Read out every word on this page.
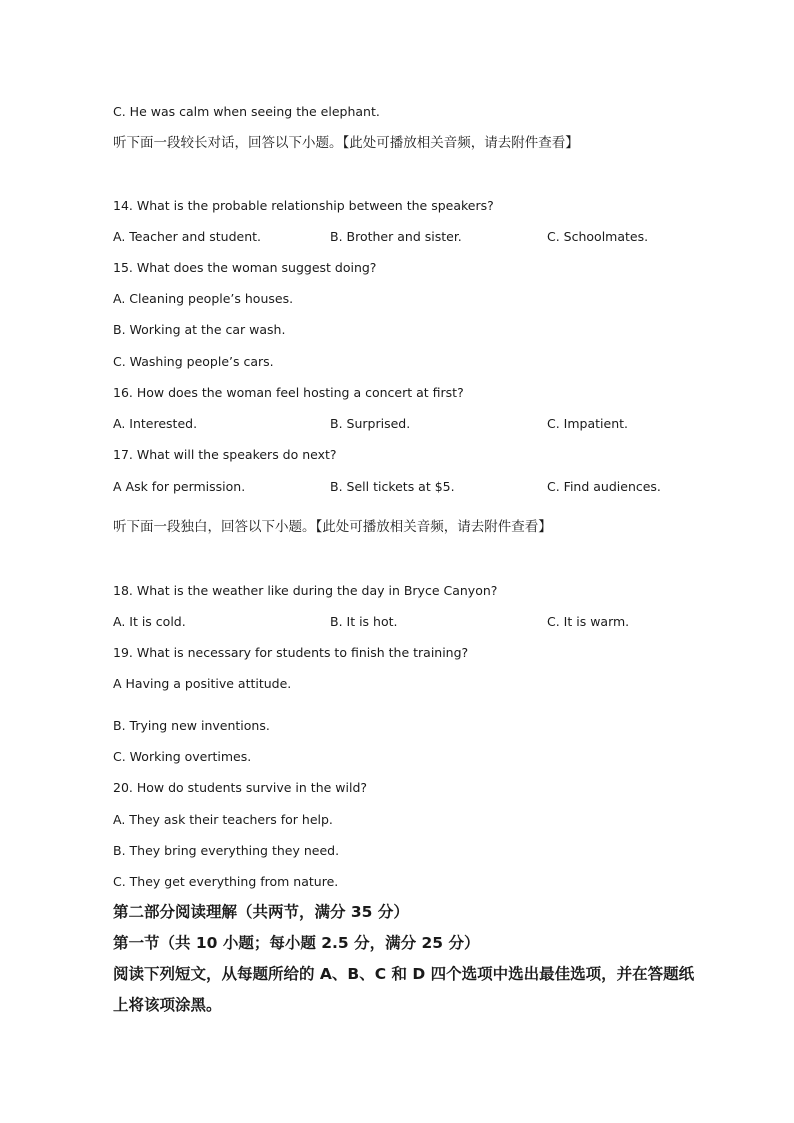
C. He was calm when seeing the elephant.
听下面一段较长对话，回答以下小题。【此处可播放相关音频，请去附件查看】
14. What is the probable relationship between the speakers?
A. Teacher and student.	B. Brother and sister.	C. Schoolmates.
15. What does the woman suggest doing?
A. Cleaning people’s houses.
B. Working at the car wash.
C. Washing people’s cars.
16. How does the woman feel hosting a concert at first?
A. Interested.	B. Surprised.	C. Impatient.
17. What will the speakers do next?
A Ask for permission.	B. Sell tickets at $5.	C. Find audiences.
听下面一段独白，回答以下小题。【此处可播放相关音频，请去附件查看】
18. What is the weather like during the day in Bryce Canyon?
A. It is cold.	B. It is hot.	C. It is warm.
19. What is necessary for students to finish the training?
A Having a positive attitude.
B. Trying new inventions.
C. Working overtimes.
20. How do students survive in the wild?
A. They ask their teachers for help.
B. They bring everything they need.
C. They get everything from nature.
第二部分阅读理解（共两节，满分 35 分）
第一节（共 10 小题；每小题 2.5 分，满分 25 分）
阅读下列短文，从每题所给的 A、B、C 和 D 四个选项中选出最佳选项，并在答题纸
上将该项涂黑。
